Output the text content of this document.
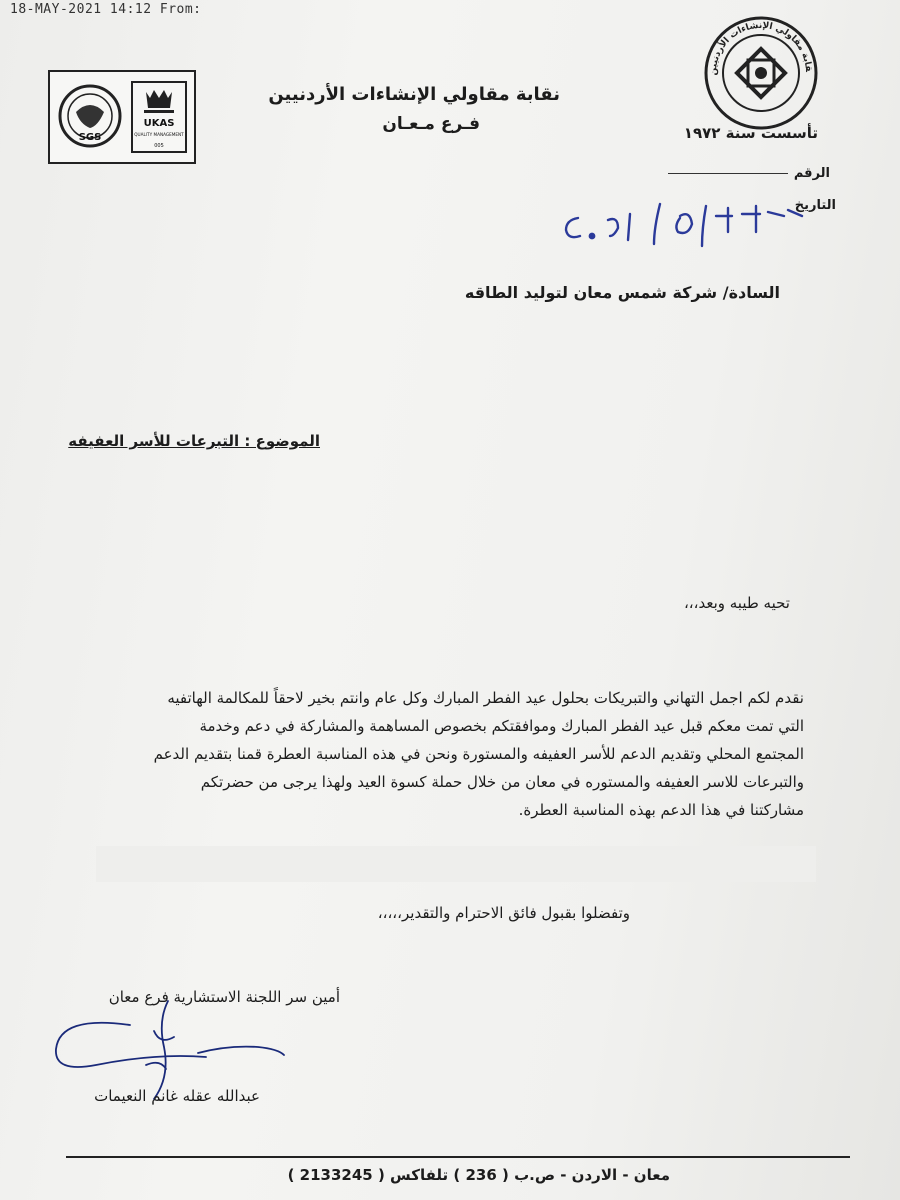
18-MAY-2021 14:12 From:
SGS
UKAS
QUALITY MANAGEMENT
005
نقابة مقاولي الإنشاءات الأردنيين
فـرع مـعـان
قابة مقاولي الإنشاءات الأردنيين
تأسست سنة ١٩٧٢
الرقم
التاريخ
السادة/ شركة شمس معان لتوليد الطاقه
الموضوع : التبرعات للأسر العفيفه
تحيه طيبه وبعد،،،
نقدم لكم اجمل التهاني والتبريكات بحلول عيد الفطر المبارك وكل عام وانتم بخير لاحقاً للمكالمة الهاتفيه
التي تمت معكم قبل عيد الفطر المبارك وموافقتكم بخصوص المساهمة والمشاركة في دعم وخدمة
المجتمع المحلي وتقديم الدعم للأسر العفيفه والمستورة ونحن في هذه المناسبة العطرة قمنا بتقديم الدعم
والتبرعات للاسر العفيفه والمستوره في معان من خلال حملة كسوة العيد ولهذا يرجى من حضرتكم
مشاركتنا في هذا الدعم بهذه المناسبة العطرة.
وتفضلوا بقبول فائق الاحترام والتقدير،،،،،
أمين سر اللجنة الاستشارية فرع معان
عبدالله عقله غانم النعيمات
معان - الاردن - ص.ب ( 236 ) تلفاكس ( 2133245 )
